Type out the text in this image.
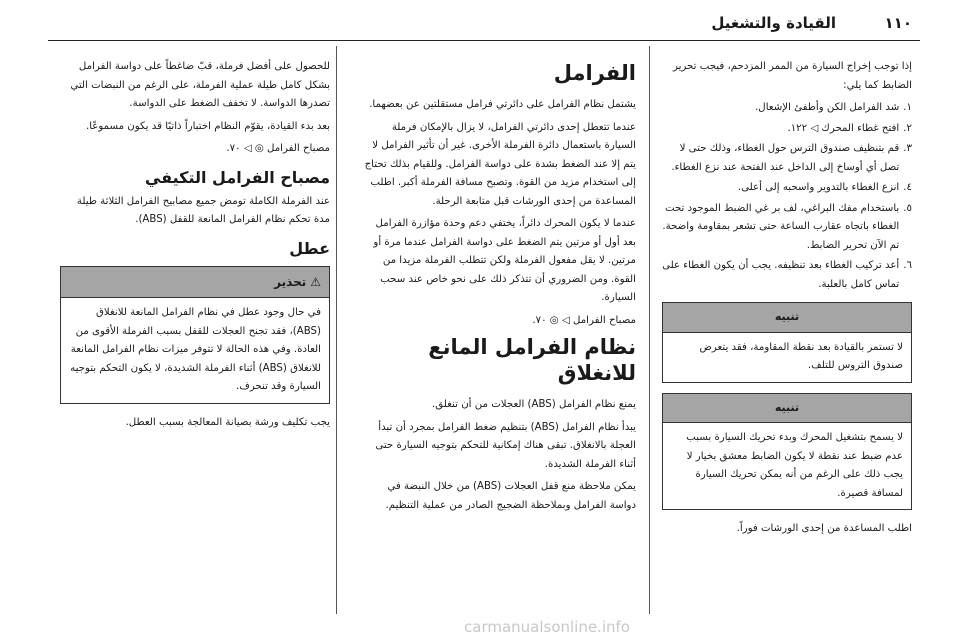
١١٠
القيادة والتشغيل

إذا توجب إخراج السيارة من الممر المزدحم، فيجب تحرير الضابط كما يلي:

١.
شد الفرامل الكن وأطفئ الإشعال.
٢.
افتح غطاء المحرك ◁ ١٢٢.
٣.
قم بتنظيف صندوق الترس حول الغطاء، وذلك حتى لا تصل أي أوساخ إلى الداخل عند الفتحة عند نزع الغطاء.
٤.
انزع الغطاء بالتدوير واسحبه إلى أعلى.
٥.
باستخدام مفك البراغي، لف بر غي الضبط الموجود تحت الغطاء باتجاه عقارب الساعة حتى تشعر بمقاومة واضحة. تم الآن تحرير الضابط.
٦.
أعد تركيب الغطاء بعد تنظيفه. يجب أن يكون الغطاء على تماس كامل بالعلبة.
تنبيه
لا تستمر بالقيادة بعد نقطة المقاومة، فقد يتعرض صندوق التروس للتلف.
تنبيه
لا يسمح بتشغيل المحرك وبدء تحريك السيارة بسبب عدم ضبط عند نقطة لا يكون الضابط معشق بخيار لا يجب ذلك على الرغم من أنه يمكن تحريك السيارة لمسافة قصيرة.

اطلب المساعدة من إحدى الورشات فوراً.

الفرامل

يشتمل نظام الفرامل على دائرتي فرامل مستقلتين عن بعضهما.

عندما تتعطل إحدى دائرتي الفرامل، لا يزال بالإمكان فرملة السيارة باستعمال دائرة الفرملة الأخرى. غير أن تأثير الفرامل لا يتم إلا عند الضغط بشدة على دواسة الفرامل. وللقيام بذلك تحتاج إلى استخدام مزيد من القوة. وتصبح مسافة الفرملة أكبر. اطلب المساعدة من إحدى الورشات قبل متابعة الرحلة.

عندما لا يكون المحرك دائراً، يختفي دعم وحدة مؤازرة الفرامل بعد أول أو مرتين يتم الضغط على دواسة الفرامل عندما مرة أو مرتين. لا يقل مفعول الفرملة ولكن تتطلب الفرملة مزيدا من القوة. ومن الضروري أن تتذكر ذلك على نحو خاص عند سحب السيارة.

مصباح الفرامل ◁ ◎ ٧٠.

نظام الفرامل المانع للانغلاق

يمنع نظام الفرامل (ABS) العجلات من أن تنغلق.

يبدأ نظام الفرامل (ABS) بتنظيم ضغط الفرامل بمجرد أن تبدأ العجلة بالانغلاق. تبقى هناك إمكانية للتحكم بتوجيه السيارة حتى أثناء الفرملة الشديدة.

يمكن ملاحظة منع قفل العجلات (ABS) من خلال النبضة في دواسة الفرامل وبملاحظة الضجيج الصادر من عملية التنظيم.

للحصول على أفضل فرملة، قبّ ضاغطاً على دواسة الفرامل بشكل كامل طيلة عملية الفرملة، على الرغم من النبضات التي تصدرها الدواسة. لا تخفف الضغط على الدواسة.

بعد بدء القيادة، يقوّم النظام اختباراً ذاتيًا قد يكون مسموعًا.

مصباح الفرامل ◎ ◁ ٧٠.

مصباح الفرامل التكيفي

عند الفرملة الكاملة تومض جميع مصابيح الفرامل الثلاثة طيلة مدة تحكم نظام الفرامل المانعة للقفل (ABS).

عطل
⚠
تحذير
في حال وجود عطل في نظام الفرامل المانعة للانغلاق (ABS)، فقد تجنح العجلات للقفل بسبب الفرملة الأقوى من العادة. وفي هذه الحالة لا تتوفر ميزات نظام الفرامل المانعة للانغلاق (ABS) أثناء الفرملة الشديدة، لا يكون التحكم بتوجيه السيارة وقد تنحرف.

يجب تكليف ورشة بصيانة المعالجة بسبب العطل.

carmanualsonline.info
